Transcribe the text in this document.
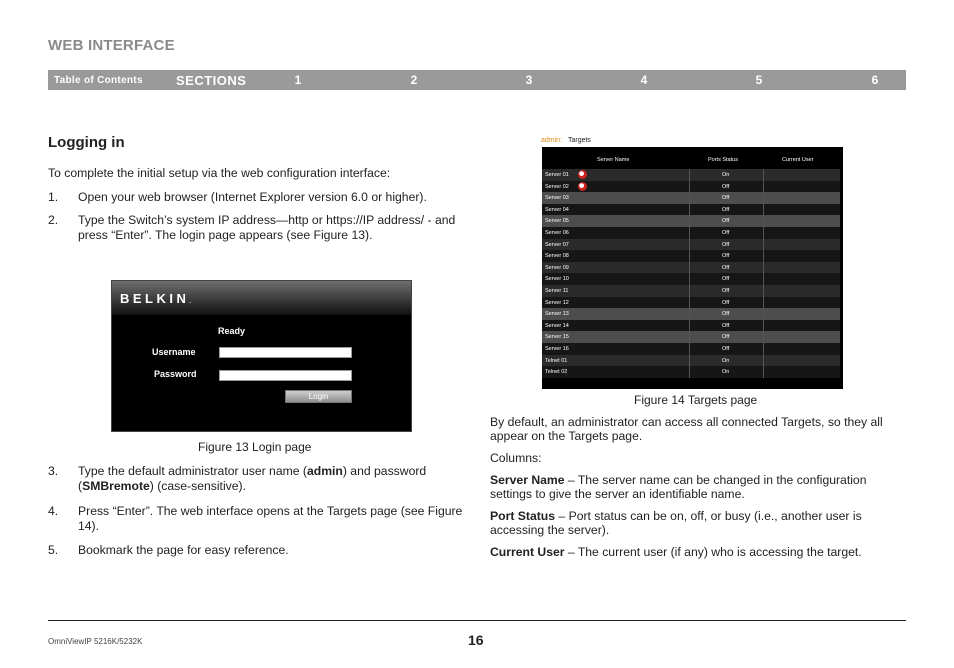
WEB INTERFACE
Table of Contents	SECTIONS	1	2	3	4	5	6
Logging in
To complete the initial setup via the web configuration interface:
1. Open your web browser (Internet Explorer version 6.0 or higher).
2. Type the Switch’s system IP address—http or https://IP address/ - and press “Enter”. The login page appears (see Figure 13).
BELKIN.
Ready
Username
Password
Login
Figure 13 Login page
3. Type the default administrator user name (admin) and password (SMBremote) (case-sensitive).
4. Press “Enter”. The web interface opens at the Targets page (see Figure 14).
5. Bookmark the page for easy reference.
admin: Targets
Server Name	Ports Status	Current User
Server 01	On
Server 02	Off
Server 03	Off
Server 04	Off
Server 05	Off
Server 06	Off
Server 07	Off
Server 08	Off
Server 09	Off
Server 10	Off
Server 11	Off
Server 12	Off
Server 13	Off
Server 14	Off
Server 15	Off
Server 16	Off
Telnet 01	On
Telnet 02	On
Figure 14 Targets page
By default, an administrator can access all connected Targets, so they all appear on the Targets page.
Columns:
Server Name – The server name can be changed in the configuration settings to give the server an identifiable name.
Port Status – Port status can be on, off, or busy (i.e., another user is accessing the server).
Current User – The current user (if any) who is accessing the target.
OmniViewIP 5216K/5232K	16
